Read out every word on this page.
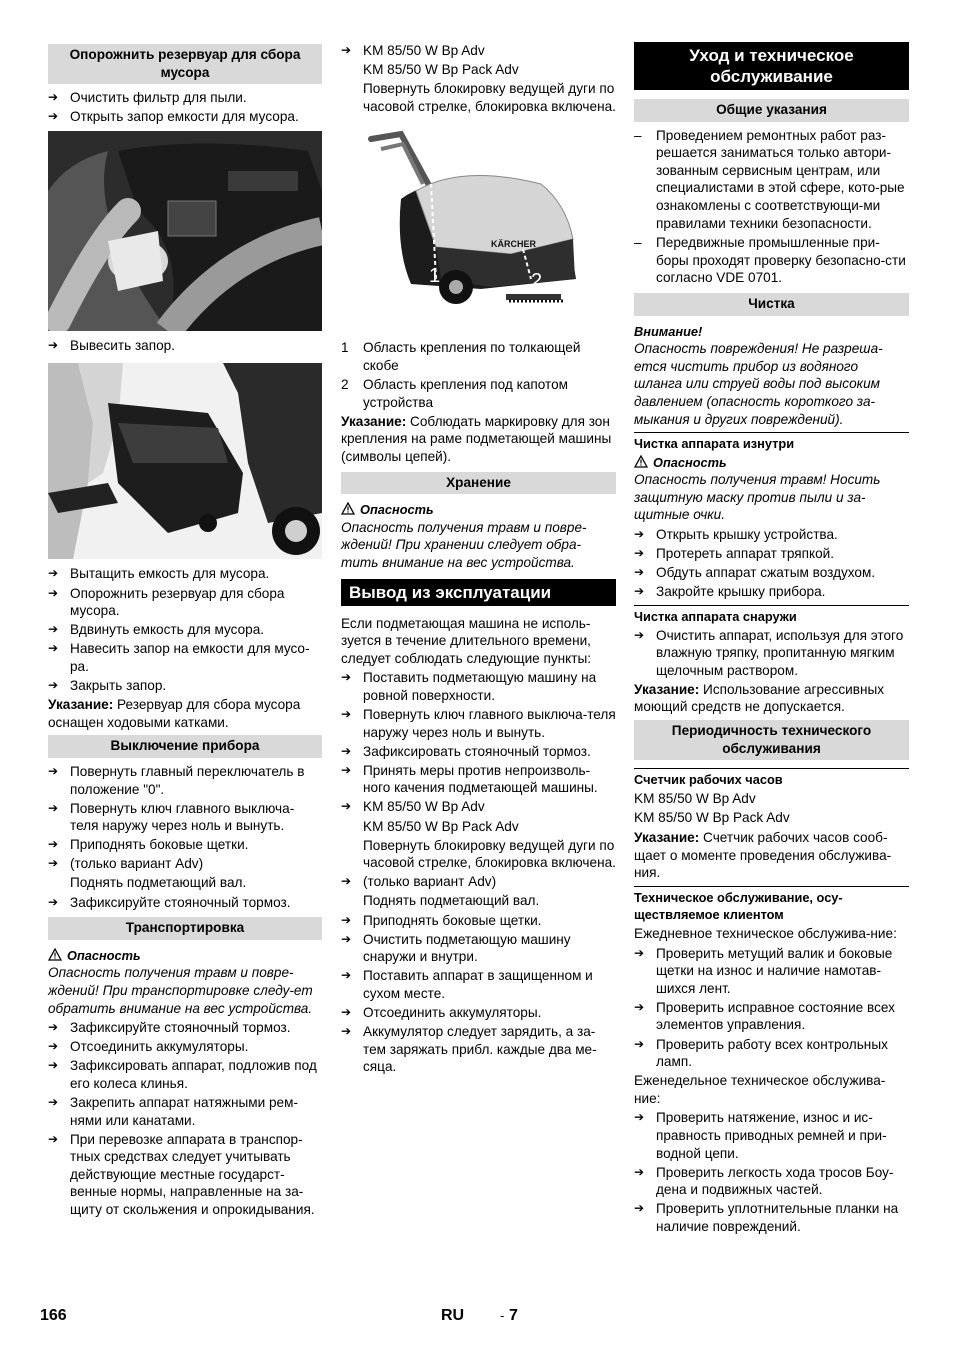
Опорожнить резервуар для сбора мусора
➔ Очистить фильтр для пыли.
➔ Открыть запор емкости для мусора.
➔ Вывесить запор.
➔ Вытащить емкость для мусора.
➔ Опорожнить резервуар для сбора мусора.
➔ Вдвинуть емкость для мусора.
➔ Навесить запор на емкости для мусо-ра.
➔ Закрыть запор.

Указание: Резервуар для сбора мусора оснащен ходовыми катками.

Выключение прибора
➔ Повернуть главный переключатель в положение "0".
➔ Повернуть ключ главного выключа-теля наружу через ноль и вынуть.
➔ Приподнять боковые щетки.
➔ (только вариант Adv)
Поднять подметающий вал.
➔ Зафиксируйте стояночный тормоз.
Транспортировка
Опасность

Опасность получения травм и повре-ждений! При транспортировке следу-ет обратить внимание на вес устройства.

➔ Зафиксируйте стояночный тормоз.
➔ Отсоединить аккумуляторы.
➔ Зафиксировать аппарат, подложив под его колеса клинья.
➔ Закрепить аппарат натяжными рем-нями или канатами.
➔ При перевозке аппарата в транспор-тных средствах следует учитывать действующие местные государст-венные нормы, направленные на за-щиту от скольжения и опрокидывания.
➔ KM 85/50 W Bp Adv
KM 85/50 W Bp Pack Adv
Повернуть блокировку ведущей дуги по часовой стрелке, блокировка включена.
KÄRCHER
1	2
1 Область крепления по толкающей скобе
2 Область крепления под капотом устройства

Указание: Соблюдать маркировку для зон крепления на раме подметающей машины (символы цепей).

Хранение
Опасность

Опасность получения травм и повре-ждений! При хранении следует обра-тить внимание на вес устройства.

Вывод из эксплуатации

Если подметающая машина не исполь-зуется в течение длительного времени, следует соблюдать следующие пункты:

➔ Поставить подметающую машину на ровной поверхности.
➔ Повернуть ключ главного выключа-теля наружу через ноль и вынуть.
➔ Зафиксировать стояночный тормоз.
➔ Принять меры против непроизволь-ного качения подметающей машины.
➔ KM 85/50 W Bp Adv
KM 85/50 W Bp Pack Adv
Повернуть блокировку ведущей дуги по часовой стрелке, блокировка включена.
➔ (только вариант Adv)
Поднять подметающий вал.
➔ Приподнять боковые щетки.
➔ Очистить подметающую машину снаружи и внутри.
➔ Поставить аппарат в защищенном и сухом месте.
➔ Отсоединить аккумуляторы.
➔ Аккумулятор следует зарядить, а за-тем заряжать прибл. каждые два ме-сяца.
Уход и техническое обслуживание
Общие указания
– Проведением ремонтных работ раз-решается заниматься только автори-зованным сервисным центрам, или специалистами в этой сфере, кото-рые ознакомлены с соответствующи-ми правилами техники безопасности.
– Передвижные промышленные при-боры проходят проверку безопасно-сти согласно VDE 0701.
Чистка
Внимание!

Опасность повреждения! Не разреша-ется чистить прибор из водяного шланга или струей воды под высоким давлением (опасность короткого за-мыкания и других повреждений).

Чистка аппарата изнутри
Опасность

Опасность получения травм! Носить защитную маску против пыли и за-щитные очки.

➔ Открыть крышку устройства.
➔ Протереть аппарат тряпкой.
➔ Обдуть аппарат сжатым воздухом.
➔ Закройте крышку прибора.
Чистка аппарата снаружи
➔ Очистить аппарат, используя для этого влажную тряпку, пропитанную мягким щелочным раствором.

Указание: Использование агрессивных моющий средств не допускается.

Периодичность технического обслуживания
Счетчик рабочих часов

KM 85/50 W Bp Adv

KM 85/50 W Bp Pack Adv

Указание: Счетчик рабочих часов сооб-щает о моменте проведения обслужива-ния.

Техническое обслуживание, осу-ществляемое клиентом

Ежедневное техническое обслужива-ние:

➔ Проверить метущий валик и боковые щетки на износ и наличие намотав-шихся лент.
➔ Проверить исправное состояние всех элементов управления.
➔ Проверить работу всех контрольных ламп.

Еженедельное техническое обслужива-ние:

➔ Проверить натяжение, износ и ис-правность приводных ремней и при-водной цепи.
➔ Проверить легкость хода тросов Боу-дена и подвижных частей.
➔ Проверить уплотнительные планки на наличие повреждений.
166	RU	- 7
